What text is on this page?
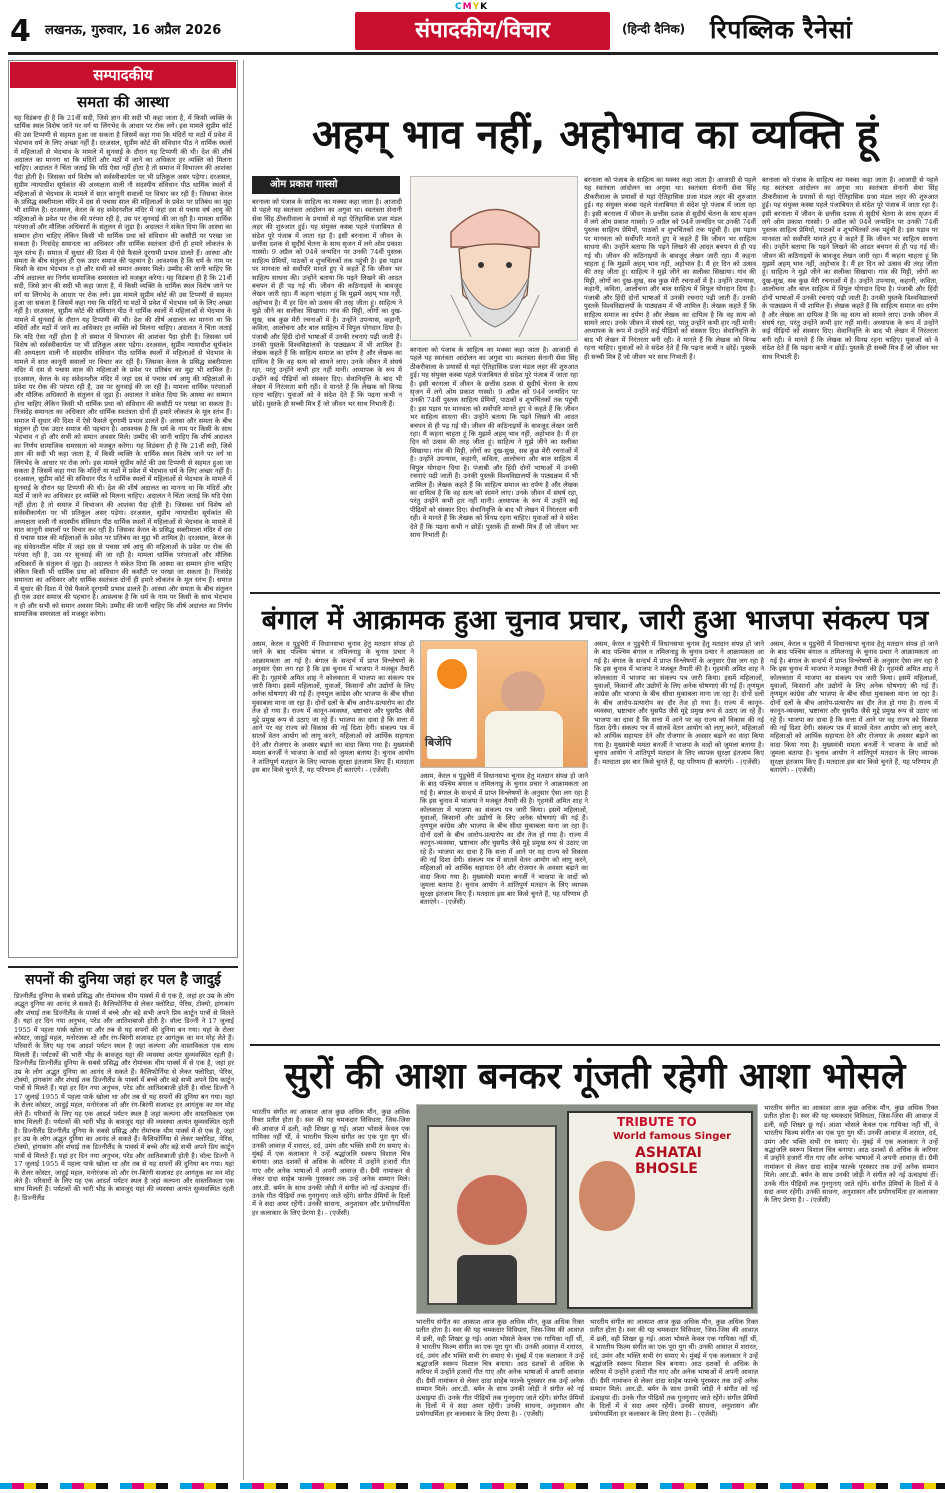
CMYK
4 लखनऊ, गुरुवार, 16 अप्रैल 2026	संपादकीय/विचार	(हिन्दी दैनिक) रिपब्लिक रैनेसां
सम्पादकीय
समता की आस्था
यह विडंबना ही है कि 21वीं सदी, जिसे ज्ञान की सदी भी कहा जाता है, में किसी व्यक्ति के धार्मिक स्थल विशेष जाने पर वर्ग या लिंगभेद के आधार पर रोक लगे। इस मामले सुप्रीम कोर्ट की उस टिप्पणी से सहमत हुआ जा सकता है जिसमें कहा गया कि मंदिरों या मठों में प्रवेश में भेदभाव धर्म के लिए अच्छा नहीं है। दरअसल, सुप्रीम कोर्ट की संविधान पीठ ने धार्मिक स्थलों में महिलाओं से भेदभाव के मामले में सुनवाई के दौरान यह टिप्पणी की थी। देश की शीर्ष अदालत का मानना था कि मंदिरों और मठों में जाने का अधिकार हर व्यक्ति को मिलना चाहिए। अदालत ने चिंता जताई कि यदि ऐसा नहीं होता है तो समाज में विभाजन की आशंका पैदा होती है। जिसका धर्म विशेष को सर्वस्वीकार्यता पर भी प्रतिकूल असर पड़ेगा। दरअसल, सुप्रीम न्यायाधीश सूर्यकांत की अध्यक्षता वाली नौ सदस्यीय संविधान पीठ धार्मिक स्थलों में महिलाओं से भेदभाव के मामले में सात कानूनी सवालों पर विचार कर रही है। जिसका केरल के प्रसिद्ध सबरीमाला मंदिर में दस से पचास साल की महिलाओं के प्रवेश पर प्रतिबंध का मुद्दा भी शामिल है। दरअसल, केरल के वह संवेदनशील मंदिर में जहां दस से पचास वर्ष आयु की महिलाओं के प्रवेश पर रोक की परंपरा रही है, उस पर सुनवाई की जा रही है। मामला धार्मिक परंपराओं और मौलिक अधिकारों के संतुलन से जुड़ा है। अदालत ने संकेत दिया कि आस्था का सम्मान होना चाहिए लेकिन किसी भी धार्मिक प्रथा को संविधान की कसौटी पर परखा जा सकता है। निःसंदेह समानता का अधिकार और धार्मिक स्वतंत्रता दोनों ही हमारे लोकतंत्र के मूल स्तंभ हैं। समाज में सुधार की दिशा में ऐसे फैसले दूरगामी प्रभाव डालते हैं। आस्था और समता के बीच संतुलन ही एक उदार समाज की पहचान है। आवश्यक है कि धर्म के नाम पर किसी के साथ भेदभाव न हो और सभी को समान अवसर मिले। उम्मीद की जानी चाहिए कि शीर्ष अदालत का निर्णय सामाजिक समरसता को मजबूत करेगा। यह विडंबना ही है कि 21वीं सदी, जिसे ज्ञान की सदी भी कहा जाता है, में किसी व्यक्ति के धार्मिक स्थल विशेष जाने पर वर्ग या लिंगभेद के आधार पर रोक लगे। इस मामले सुप्रीम कोर्ट की उस टिप्पणी से सहमत हुआ जा सकता है जिसमें कहा गया कि मंदिरों या मठों में प्रवेश में भेदभाव धर्म के लिए अच्छा नहीं है। दरअसल, सुप्रीम कोर्ट की संविधान पीठ ने धार्मिक स्थलों में महिलाओं से भेदभाव के मामले में सुनवाई के दौरान यह टिप्पणी की थी। देश की शीर्ष अदालत का मानना था कि मंदिरों और मठों में जाने का अधिकार हर व्यक्ति को मिलना चाहिए। अदालत ने चिंता जताई कि यदि ऐसा नहीं होता है तो समाज में विभाजन की आशंका पैदा होती है। जिसका धर्म विशेष को सर्वस्वीकार्यता पर भी प्रतिकूल असर पड़ेगा। दरअसल, सुप्रीम न्यायाधीश सूर्यकांत की अध्यक्षता वाली नौ सदस्यीय संविधान पीठ धार्मिक स्थलों में महिलाओं से भेदभाव के मामले में सात कानूनी सवालों पर विचार कर रही है। जिसका केरल के प्रसिद्ध सबरीमाला मंदिर में दस से पचास साल की महिलाओं के प्रवेश पर प्रतिबंध का मुद्दा भी शामिल है। दरअसल, केरल के वह संवेदनशील मंदिर में जहां दस से पचास वर्ष आयु की महिलाओं के प्रवेश पर रोक की परंपरा रही है, उस पर सुनवाई की जा रही है। मामला धार्मिक परंपराओं और मौलिक अधिकारों के संतुलन से जुड़ा है। अदालत ने संकेत दिया कि आस्था का सम्मान होना चाहिए लेकिन किसी भी धार्मिक प्रथा को संविधान की कसौटी पर परखा जा सकता है। निःसंदेह समानता का अधिकार और धार्मिक स्वतंत्रता दोनों ही हमारे लोकतंत्र के मूल स्तंभ हैं। समाज में सुधार की दिशा में ऐसे फैसले दूरगामी प्रभाव डालते हैं। आस्था और समता के बीच संतुलन ही एक उदार समाज की पहचान है। आवश्यक है कि धर्म के नाम पर किसी के साथ भेदभाव न हो और सभी को समान अवसर मिले। उम्मीद की जानी चाहिए कि शीर्ष अदालत का निर्णय सामाजिक समरसता को मजबूत करेगा। यह विडंबना ही है कि 21वीं सदी, जिसे ज्ञान की सदी भी कहा जाता है, में किसी व्यक्ति के धार्मिक स्थल विशेष जाने पर वर्ग या लिंगभेद के आधार पर रोक लगे। इस मामले सुप्रीम कोर्ट की उस टिप्पणी से सहमत हुआ जा सकता है जिसमें कहा गया कि मंदिरों या मठों में प्रवेश में भेदभाव धर्म के लिए अच्छा नहीं है। दरअसल, सुप्रीम कोर्ट की संविधान पीठ ने धार्मिक स्थलों में महिलाओं से भेदभाव के मामले में सुनवाई के दौरान यह टिप्पणी की थी। देश की शीर्ष अदालत का मानना था कि मंदिरों और मठों में जाने का अधिकार हर व्यक्ति को मिलना चाहिए। अदालत ने चिंता जताई कि यदि ऐसा नहीं होता है तो समाज में विभाजन की आशंका पैदा होती है। जिसका धर्म विशेष को सर्वस्वीकार्यता पर भी प्रतिकूल असर पड़ेगा। दरअसल, सुप्रीम न्यायाधीश सूर्यकांत की अध्यक्षता वाली नौ सदस्यीय संविधान पीठ धार्मिक स्थलों में महिलाओं से भेदभाव के मामले में सात कानूनी सवालों पर विचार कर रही है। जिसका केरल के प्रसिद्ध सबरीमाला मंदिर में दस से पचास साल की महिलाओं के प्रवेश पर प्रतिबंध का मुद्दा भी शामिल है। दरअसल, केरल के वह संवेदनशील मंदिर में जहां दस से पचास वर्ष आयु की महिलाओं के प्रवेश पर रोक की परंपरा रही है, उस पर सुनवाई की जा रही है। मामला धार्मिक परंपराओं और मौलिक अधिकारों के संतुलन से जुड़ा है। अदालत ने संकेत दिया कि आस्था का सम्मान होना चाहिए लेकिन किसी भी धार्मिक प्रथा को संविधान की कसौटी पर परखा जा सकता है। निःसंदेह समानता का अधिकार और धार्मिक स्वतंत्रता दोनों ही हमारे लोकतंत्र के मूल स्तंभ हैं। समाज में सुधार की दिशा में ऐसे फैसले दूरगामी प्रभाव डालते हैं। आस्था और समता के बीच संतुलन ही एक उदार समाज की पहचान है। आवश्यक है कि धर्म के नाम पर किसी के साथ भेदभाव न हो और सभी को समान अवसर मिले। उम्मीद की जानी चाहिए कि शीर्ष अदालत का निर्णय सामाजिक समरसता को मजबूत करेगा।
सपनों की दुनिया जहां हर पल है जादुई
डिज्नीलैंड दुनिया के सबसे प्रसिद्ध और रोमांचक थीम पार्क्स में से एक है, जहां हर उम्र के लोग अद्भुत दुनिया का आनंद ले सकते हैं। कैलिफोर्निया से लेकर फ्लोरिडा, पेरिस, टोक्यो, हांगकांग और शंघाई तक डिज्नीलैंड के पार्क्स में बच्चे और बड़े सभी अपने प्रिय कार्टून पात्रों से मिलते हैं। यहां हर दिन नया अनुभव, परेड और आतिशबाजी होती है। वॉल्ट डिज्नी ने 17 जुलाई 1955 में पहला पार्क खोला था और तब से यह सपनों की दुनिया बन गया। यहां के रोलर कोस्टर, जादुई महल, मनोरंजक शो और रंग-बिरंगी सजावट हर आगंतुक का मन मोह लेते हैं। परिवारों के लिए यह एक आदर्श पर्यटन स्थल है जहां कल्पना और वास्तविकता एक साथ मिलती हैं। पर्यटकों की भारी भीड़ के बावजूद यहां की व्यवस्था अत्यंत सुव्यवस्थित रहती है। डिज्नीलैंड डिज्नीलैंड दुनिया के सबसे प्रसिद्ध और रोमांचक थीम पार्क्स में से एक है, जहां हर उम्र के लोग अद्भुत दुनिया का आनंद ले सकते हैं। कैलिफोर्निया से लेकर फ्लोरिडा, पेरिस, टोक्यो, हांगकांग और शंघाई तक डिज्नीलैंड के पार्क्स में बच्चे और बड़े सभी अपने प्रिय कार्टून पात्रों से मिलते हैं। यहां हर दिन नया अनुभव, परेड और आतिशबाजी होती है। वॉल्ट डिज्नी ने 17 जुलाई 1955 में पहला पार्क खोला था और तब से यह सपनों की दुनिया बन गया। यहां के रोलर कोस्टर, जादुई महल, मनोरंजक शो और रंग-बिरंगी सजावट हर आगंतुक का मन मोह लेते हैं। परिवारों के लिए यह एक आदर्श पर्यटन स्थल है जहां कल्पना और वास्तविकता एक साथ मिलती हैं। पर्यटकों की भारी भीड़ के बावजूद यहां की व्यवस्था अत्यंत सुव्यवस्थित रहती है। डिज्नीलैंड डिज्नीलैंड दुनिया के सबसे प्रसिद्ध और रोमांचक थीम पार्क्स में से एक है, जहां हर उम्र के लोग अद्भुत दुनिया का आनंद ले सकते हैं। कैलिफोर्निया से लेकर फ्लोरिडा, पेरिस, टोक्यो, हांगकांग और शंघाई तक डिज्नीलैंड के पार्क्स में बच्चे और बड़े सभी अपने प्रिय कार्टून पात्रों से मिलते हैं। यहां हर दिन नया अनुभव, परेड और आतिशबाजी होती है। वॉल्ट डिज्नी ने 17 जुलाई 1955 में पहला पार्क खोला था और तब से यह सपनों की दुनिया बन गया। यहां के रोलर कोस्टर, जादुई महल, मनोरंजक शो और रंग-बिरंगी सजावट हर आगंतुक का मन मोह लेते हैं। परिवारों के लिए यह एक आदर्श पर्यटन स्थल है जहां कल्पना और वास्तविकता एक साथ मिलती हैं। पर्यटकों की भारी भीड़ के बावजूद यहां की व्यवस्था अत्यंत सुव्यवस्थित रहती है। डिज्नीलैंड
अहम् भाव नहीं, अहोभाव का व्यक्ति हूं
ओम प्रकाश गास्सो
बरनाला को पंजाब के साहित्य का मक्का कहा जाता है। आजादी से पहले यह स्वतंत्रता आंदोलन का अगुवा था। स्वतंत्रता सेनानी सेवा सिंह ठीकरीवाला के प्रयासों से यहां ऐतिहासिक प्रजा मंडल लहर की शुरुआत हुई। यह संयुक्त कस्बा पहले पंजाबियत से संदेश पूरे पंजाब में जाता रहा है। इसी बरनाला में जीवन के छत्तीस दशक से सुदीर्घ चेतना के साथ सृजन में लगे ओम प्रकाश गास्सो। 9 अप्रैल को 94वें जन्मदिन पर उनकी 74वीं पुस्तक साहित्य प्रेमियों, पाठकों व शुभचिंतकों तक पहुंची है। इस पड़ाव पर मानवता को सर्वोपरि मानते हुए वे कहते हैं कि जीवन भर साहित्य साधना की। उन्होंने बताया कि पढ़ने लिखने की आदत बचपन से ही पड़ गई थी। जीवन की कठिनाइयों के बावजूद लेखन जारी रहा। मैं कहना चाहता हूं कि मुझमें अहम् भाव नहीं, अहोभाव है। मैं हर दिन को उत्सव की तरह जीता हूं। साहित्य ने मुझे जीने का सलीका सिखाया। गांव की मिट्टी, लोगों का दुख-सुख, सब कुछ मेरी रचनाओं में है। उन्होंने उपन्यास, कहानी, कविता, आलोचना और बाल साहित्य में विपुल योगदान दिया है। पंजाबी और हिंदी दोनों भाषाओं में उनकी रचनाएं पढ़ी जाती हैं। उनकी पुस्तकें विश्वविद्यालयों के पाठ्यक्रम में भी शामिल हैं। लेखक कहते हैं कि साहित्य समाज का दर्पण है और लेखक का दायित्व है कि वह सत्य को सामने लाए। उनके जीवन में संघर्ष रहा, परंतु उन्होंने कभी हार नहीं मानी। अध्यापक के रूप में उन्होंने कई पीढ़ियों को संस्कार दिए। सेवानिवृत्ति के बाद भी लेखन में निरंतरता बनी रही। वे मानते हैं कि लेखक को विनम्र रहना चाहिए। युवाओं को वे संदेश देते हैं कि पढ़ना कभी न छोड़ें। पुस्तकें ही सच्ची मित्र हैं जो जीवन भर साथ निभाती हैं।
बरनाला को पंजाब के साहित्य का मक्का कहा जाता है। आजादी से पहले यह स्वतंत्रता आंदोलन का अगुवा था। स्वतंत्रता सेनानी सेवा सिंह ठीकरीवाला के प्रयासों से यहां ऐतिहासिक प्रजा मंडल लहर की शुरुआत हुई। यह संयुक्त कस्बा पहले पंजाबियत से संदेश पूरे पंजाब में जाता रहा है। इसी बरनाला में जीवन के छत्तीस दशक से सुदीर्घ चेतना के साथ सृजन में लगे ओम प्रकाश गास्सो। 9 अप्रैल को 94वें जन्मदिन पर उनकी 74वीं पुस्तक साहित्य प्रेमियों, पाठकों व शुभचिंतकों तक पहुंची है। इस पड़ाव पर मानवता को सर्वोपरि मानते हुए वे कहते हैं कि जीवन भर साहित्य साधना की। उन्होंने बताया कि पढ़ने लिखने की आदत बचपन से ही पड़ गई थी। जीवन की कठिनाइयों के बावजूद लेखन जारी रहा। मैं कहना चाहता हूं कि मुझमें अहम् भाव नहीं, अहोभाव है। मैं हर दिन को उत्सव की तरह जीता हूं। साहित्य ने मुझे जीने का सलीका सिखाया। गांव की मिट्टी, लोगों का दुख-सुख, सब कुछ मेरी रचनाओं में है। उन्होंने उपन्यास, कहानी, कविता, आलोचना और बाल साहित्य में विपुल योगदान दिया है। पंजाबी और हिंदी दोनों भाषाओं में उनकी रचनाएं पढ़ी जाती हैं। उनकी पुस्तकें विश्वविद्यालयों के पाठ्यक्रम में भी शामिल हैं। लेखक कहते हैं कि साहित्य समाज का दर्पण है और लेखक का दायित्व है कि वह सत्य को सामने लाए। उनके जीवन में संघर्ष रहा, परंतु उन्होंने कभी हार नहीं मानी। अध्यापक के रूप में उन्होंने कई पीढ़ियों को संस्कार दिए। सेवानिवृत्ति के बाद भी लेखन में निरंतरता बनी रही। वे मानते हैं कि लेखक को विनम्र रहना चाहिए। युवाओं को वे संदेश देते हैं कि पढ़ना कभी न छोड़ें। पुस्तकें ही सच्ची मित्र हैं जो जीवन भर साथ निभाती हैं।
बरनाला को पंजाब के साहित्य का मक्का कहा जाता है। आजादी से पहले यह स्वतंत्रता आंदोलन का अगुवा था। स्वतंत्रता सेनानी सेवा सिंह ठीकरीवाला के प्रयासों से यहां ऐतिहासिक प्रजा मंडल लहर की शुरुआत हुई। यह संयुक्त कस्बा पहले पंजाबियत से संदेश पूरे पंजाब में जाता रहा है। इसी बरनाला में जीवन के छत्तीस दशक से सुदीर्घ चेतना के साथ सृजन में लगे ओम प्रकाश गास्सो। 9 अप्रैल को 94वें जन्मदिन पर उनकी 74वीं पुस्तक साहित्य प्रेमियों, पाठकों व शुभचिंतकों तक पहुंची है। इस पड़ाव पर मानवता को सर्वोपरि मानते हुए वे कहते हैं कि जीवन भर साहित्य साधना की। उन्होंने बताया कि पढ़ने लिखने की आदत बचपन से ही पड़ गई थी। जीवन की कठिनाइयों के बावजूद लेखन जारी रहा। मैं कहना चाहता हूं कि मुझमें अहम् भाव नहीं, अहोभाव है। मैं हर दिन को उत्सव की तरह जीता हूं। साहित्य ने मुझे जीने का सलीका सिखाया। गांव की मिट्टी, लोगों का दुख-सुख, सब कुछ मेरी रचनाओं में है। उन्होंने उपन्यास, कहानी, कविता, आलोचना और बाल साहित्य में विपुल योगदान दिया है। पंजाबी और हिंदी दोनों भाषाओं में उनकी रचनाएं पढ़ी जाती हैं। उनकी पुस्तकें विश्वविद्यालयों के पाठ्यक्रम में भी शामिल हैं। लेखक कहते हैं कि साहित्य समाज का दर्पण है और लेखक का दायित्व है कि वह सत्य को सामने लाए। उनके जीवन में संघर्ष रहा, परंतु उन्होंने कभी हार नहीं मानी। अध्यापक के रूप में उन्होंने कई पीढ़ियों को संस्कार दिए। सेवानिवृत्ति के बाद भी लेखन में निरंतरता बनी रही। वे मानते हैं कि लेखक को विनम्र रहना चाहिए। युवाओं को वे संदेश देते हैं कि पढ़ना कभी न छोड़ें। पुस्तकें ही सच्ची मित्र हैं जो जीवन भर साथ निभाती हैं।
बरनाला को पंजाब के साहित्य का मक्का कहा जाता है। आजादी से पहले यह स्वतंत्रता आंदोलन का अगुवा था। स्वतंत्रता सेनानी सेवा सिंह ठीकरीवाला के प्रयासों से यहां ऐतिहासिक प्रजा मंडल लहर की शुरुआत हुई। यह संयुक्त कस्बा पहले पंजाबियत से संदेश पूरे पंजाब में जाता रहा है। इसी बरनाला में जीवन के छत्तीस दशक से सुदीर्घ चेतना के साथ सृजन में लगे ओम प्रकाश गास्सो। 9 अप्रैल को 94वें जन्मदिन पर उनकी 74वीं पुस्तक साहित्य प्रेमियों, पाठकों व शुभचिंतकों तक पहुंची है। इस पड़ाव पर मानवता को सर्वोपरि मानते हुए वे कहते हैं कि जीवन भर साहित्य साधना की। उन्होंने बताया कि पढ़ने लिखने की आदत बचपन से ही पड़ गई थी। जीवन की कठिनाइयों के बावजूद लेखन जारी रहा। मैं कहना चाहता हूं कि मुझमें अहम् भाव नहीं, अहोभाव है। मैं हर दिन को उत्सव की तरह जीता हूं। साहित्य ने मुझे जीने का सलीका सिखाया। गांव की मिट्टी, लोगों का दुख-सुख, सब कुछ मेरी रचनाओं में है। उन्होंने उपन्यास, कहानी, कविता, आलोचना और बाल साहित्य में विपुल योगदान दिया है। पंजाबी और हिंदी दोनों भाषाओं में उनकी रचनाएं पढ़ी जाती हैं। उनकी पुस्तकें विश्वविद्यालयों के पाठ्यक्रम में भी शामिल हैं। लेखक कहते हैं कि साहित्य समाज का दर्पण है और लेखक का दायित्व है कि वह सत्य को सामने लाए। उनके जीवन में संघर्ष रहा, परंतु उन्होंने कभी हार नहीं मानी। अध्यापक के रूप में उन्होंने कई पीढ़ियों को संस्कार दिए। सेवानिवृत्ति के बाद भी लेखन में निरंतरता बनी रही। वे मानते हैं कि लेखक को विनम्र रहना चाहिए। युवाओं को वे संदेश देते हैं कि पढ़ना कभी न छोड़ें। पुस्तकें ही सच्ची मित्र हैं जो जीवन भर साथ निभाती हैं।
बंगाल में आक्रामक हुआ चुनाव प्रचार, जारी हुआ भाजपा संकल्प पत्र
बिजेपि
असम, केरल व पुडुचेरी में विधानसभा चुनाव हेतु मतदान संपन्न हो जाने के बाद पश्चिम बंगाल व तमिलनाडु के चुनाव प्रचार ने आक्रामकता आ गई है। बंगाल के सन्दर्भ में प्राप्त विश्लेषणों के अनुसार ऐसा लग रहा है कि इस चुनाव में भाजपा ने मजबूत तैयारी की है। गृहमंत्री अमित शाह ने कोलकाता में भाजपा का संकल्प पत्र जारी किया। इसमें महिलाओं, युवाओं, किसानों और उद्योगों के लिए अनेक घोषणाएं की गई हैं। तृणमूल कांग्रेस और भाजपा के बीच सीधा मुकाबला माना जा रहा है। दोनों दलों के बीच आरोप-प्रत्यारोप का दौर तेज हो गया है। राज्य में कानून-व्यवस्था, भ्रष्टाचार और घुसपैठ जैसे मुद्दे प्रमुख रूप से उठाए जा रहे हैं। भाजपा का दावा है कि सत्ता में आने पर वह राज्य को विकास की नई दिशा देगी। संकल्प पत्र में सातवें वेतन आयोग को लागू करने, महिलाओं को आर्थिक सहायता देने और रोजगार के अवसर बढ़ाने का वादा किया गया है। मुख्यमंत्री ममता बनर्जी ने भाजपा के वादों को जुमला बताया है। चुनाव आयोग ने शांतिपूर्ण मतदान के लिए व्यापक सुरक्षा इंतजाम किए हैं। मतदाता इस बार किसे चुनते हैं, यह परिणाम ही बताएंगे। - (एजेंसी)
असम, केरल व पुडुचेरी में विधानसभा चुनाव हेतु मतदान संपन्न हो जाने के बाद पश्चिम बंगाल व तमिलनाडु के चुनाव प्रचार ने आक्रामकता आ गई है। बंगाल के सन्दर्भ में प्राप्त विश्लेषणों के अनुसार ऐसा लग रहा है कि इस चुनाव में भाजपा ने मजबूत तैयारी की है। गृहमंत्री अमित शाह ने कोलकाता में भाजपा का संकल्प पत्र जारी किया। इसमें महिलाओं, युवाओं, किसानों और उद्योगों के लिए अनेक घोषणाएं की गई हैं। तृणमूल कांग्रेस और भाजपा के बीच सीधा मुकाबला माना जा रहा है। दोनों दलों के बीच आरोप-प्रत्यारोप का दौर तेज हो गया है। राज्य में कानून-व्यवस्था, भ्रष्टाचार और घुसपैठ जैसे मुद्दे प्रमुख रूप से उठाए जा रहे हैं। भाजपा का दावा है कि सत्ता में आने पर वह राज्य को विकास की नई दिशा देगी। संकल्प पत्र में सातवें वेतन आयोग को लागू करने, महिलाओं को आर्थिक सहायता देने और रोजगार के अवसर बढ़ाने का वादा किया गया है। मुख्यमंत्री ममता बनर्जी ने भाजपा के वादों को जुमला बताया है। चुनाव आयोग ने शांतिपूर्ण मतदान के लिए व्यापक सुरक्षा इंतजाम किए हैं। मतदाता इस बार किसे चुनते हैं, यह परिणाम ही बताएंगे। - (एजेंसी)
असम, केरल व पुडुचेरी में विधानसभा चुनाव हेतु मतदान संपन्न हो जाने के बाद पश्चिम बंगाल व तमिलनाडु के चुनाव प्रचार ने आक्रामकता आ गई है। बंगाल के सन्दर्भ में प्राप्त विश्लेषणों के अनुसार ऐसा लग रहा है कि इस चुनाव में भाजपा ने मजबूत तैयारी की है। गृहमंत्री अमित शाह ने कोलकाता में भाजपा का संकल्प पत्र जारी किया। इसमें महिलाओं, युवाओं, किसानों और उद्योगों के लिए अनेक घोषणाएं की गई हैं। तृणमूल कांग्रेस और भाजपा के बीच सीधा मुकाबला माना जा रहा है। दोनों दलों के बीच आरोप-प्रत्यारोप का दौर तेज हो गया है। राज्य में कानून-व्यवस्था, भ्रष्टाचार और घुसपैठ जैसे मुद्दे प्रमुख रूप से उठाए जा रहे हैं। भाजपा का दावा है कि सत्ता में आने पर वह राज्य को विकास की नई दिशा देगी। संकल्प पत्र में सातवें वेतन आयोग को लागू करने, महिलाओं को आर्थिक सहायता देने और रोजगार के अवसर बढ़ाने का वादा किया गया है। मुख्यमंत्री ममता बनर्जी ने भाजपा के वादों को जुमला बताया है। चुनाव आयोग ने शांतिपूर्ण मतदान के लिए व्यापक सुरक्षा इंतजाम किए हैं। मतदाता इस बार किसे चुनते हैं, यह परिणाम ही बताएंगे। - (एजेंसी)
असम, केरल व पुडुचेरी में विधानसभा चुनाव हेतु मतदान संपन्न हो जाने के बाद पश्चिम बंगाल व तमिलनाडु के चुनाव प्रचार ने आक्रामकता आ गई है। बंगाल के सन्दर्भ में प्राप्त विश्लेषणों के अनुसार ऐसा लग रहा है कि इस चुनाव में भाजपा ने मजबूत तैयारी की है। गृहमंत्री अमित शाह ने कोलकाता में भाजपा का संकल्प पत्र जारी किया। इसमें महिलाओं, युवाओं, किसानों और उद्योगों के लिए अनेक घोषणाएं की गई हैं। तृणमूल कांग्रेस और भाजपा के बीच सीधा मुकाबला माना जा रहा है। दोनों दलों के बीच आरोप-प्रत्यारोप का दौर तेज हो गया है। राज्य में कानून-व्यवस्था, भ्रष्टाचार और घुसपैठ जैसे मुद्दे प्रमुख रूप से उठाए जा रहे हैं। भाजपा का दावा है कि सत्ता में आने पर वह राज्य को विकास की नई दिशा देगी। संकल्प पत्र में सातवें वेतन आयोग को लागू करने, महिलाओं को आर्थिक सहायता देने और रोजगार के अवसर बढ़ाने का वादा किया गया है। मुख्यमंत्री ममता बनर्जी ने भाजपा के वादों को जुमला बताया है। चुनाव आयोग ने शांतिपूर्ण मतदान के लिए व्यापक सुरक्षा इंतजाम किए हैं। मतदाता इस बार किसे चुनते हैं, यह परिणाम ही बताएंगे। - (एजेंसी)
सुरों की आशा बनकर गूंजती रहेगी आशा भोसले
भारतीय संगीत का आकाश आज कुछ अधिक मौन, कुछ अधिक रिक्त प्रतीत होता है। स्वर की यह चमकदार विविधता, जिस-जिस की आवाज़ में ढली, वही शिखर छू गई। आशा भोसले केवल एक गायिका नहीं थीं, वे भारतीय फिल्म संगीत का एक पूरा युग थीं। उनकी आवाज़ में शरारत, दर्द, उमंग और भक्ति सभी रंग समाए थे। मुंबई में एक कलाकार ने उन्हें श्रद्धांजलि स्वरूप विशाल चित्र बनाया। आठ दशकों से अधिक के करियर में उन्होंने हजारों गीत गाए और अनेक भाषाओं में अपनी आवाज़ दी। ग्रैमी नामांकन से लेकर दादा साहेब फाल्के पुरस्कार तक उन्हें अनेक सम्मान मिले। आर.डी. बर्मन के साथ उनकी जोड़ी ने संगीत को नई ऊंचाइयां दीं। उनके गीत पीढ़ियों तक गुनगुनाए जाते रहेंगे। संगीत प्रेमियों के दिलों में वे सदा अमर रहेंगी। उनकी साधना, अनुशासन और प्रयोगधर्मिता हर कलाकार के लिए प्रेरणा है। - (एजेंसी)
TRIBUTE TO
World famous Singer
ASHATAI BHOSLE
भारतीय संगीत का आकाश आज कुछ अधिक मौन, कुछ अधिक रिक्त प्रतीत होता है। स्वर की यह चमकदार विविधता, जिस-जिस की आवाज़ में ढली, वही शिखर छू गई। आशा भोसले केवल एक गायिका नहीं थीं, वे भारतीय फिल्म संगीत का एक पूरा युग थीं। उनकी आवाज़ में शरारत, दर्द, उमंग और भक्ति सभी रंग समाए थे। मुंबई में एक कलाकार ने उन्हें श्रद्धांजलि स्वरूप विशाल चित्र बनाया। आठ दशकों से अधिक के करियर में उन्होंने हजारों गीत गाए और अनेक भाषाओं में अपनी आवाज़ दी। ग्रैमी नामांकन से लेकर दादा साहेब फाल्के पुरस्कार तक उन्हें अनेक सम्मान मिले। आर.डी. बर्मन के साथ उनकी जोड़ी ने संगीत को नई ऊंचाइयां दीं। उनके गीत पीढ़ियों तक गुनगुनाए जाते रहेंगे। संगीत प्रेमियों के दिलों में वे सदा अमर रहेंगी। उनकी साधना, अनुशासन और प्रयोगधर्मिता हर कलाकार के लिए प्रेरणा है। - (एजेंसी)
भारतीय संगीत का आकाश आज कुछ अधिक मौन, कुछ अधिक रिक्त प्रतीत होता है। स्वर की यह चमकदार विविधता, जिस-जिस की आवाज़ में ढली, वही शिखर छू गई। आशा भोसले केवल एक गायिका नहीं थीं, वे भारतीय फिल्म संगीत का एक पूरा युग थीं। उनकी आवाज़ में शरारत, दर्द, उमंग और भक्ति सभी रंग समाए थे। मुंबई में एक कलाकार ने उन्हें श्रद्धांजलि स्वरूप विशाल चित्र बनाया। आठ दशकों से अधिक के करियर में उन्होंने हजारों गीत गाए और अनेक भाषाओं में अपनी आवाज़ दी। ग्रैमी नामांकन से लेकर दादा साहेब फाल्के पुरस्कार तक उन्हें अनेक सम्मान मिले। आर.डी. बर्मन के साथ उनकी जोड़ी ने संगीत को नई ऊंचाइयां दीं। उनके गीत पीढ़ियों तक गुनगुनाए जाते रहेंगे। संगीत प्रेमियों के दिलों में वे सदा अमर रहेंगी। उनकी साधना, अनुशासन और प्रयोगधर्मिता हर कलाकार के लिए प्रेरणा है। - (एजेंसी)
भारतीय संगीत का आकाश आज कुछ अधिक मौन, कुछ अधिक रिक्त प्रतीत होता है। स्वर की यह चमकदार विविधता, जिस-जिस की आवाज़ में ढली, वही शिखर छू गई। आशा भोसले केवल एक गायिका नहीं थीं, वे भारतीय फिल्म संगीत का एक पूरा युग थीं। उनकी आवाज़ में शरारत, दर्द, उमंग और भक्ति सभी रंग समाए थे। मुंबई में एक कलाकार ने उन्हें श्रद्धांजलि स्वरूप विशाल चित्र बनाया। आठ दशकों से अधिक के करियर में उन्होंने हजारों गीत गाए और अनेक भाषाओं में अपनी आवाज़ दी। ग्रैमी नामांकन से लेकर दादा साहेब फाल्के पुरस्कार तक उन्हें अनेक सम्मान मिले। आर.डी. बर्मन के साथ उनकी जोड़ी ने संगीत को नई ऊंचाइयां दीं। उनके गीत पीढ़ियों तक गुनगुनाए जाते रहेंगे। संगीत प्रेमियों के दिलों में वे सदा अमर रहेंगी। उनकी साधना, अनुशासन और प्रयोगधर्मिता हर कलाकार के लिए प्रेरणा है। - (एजेंसी)
